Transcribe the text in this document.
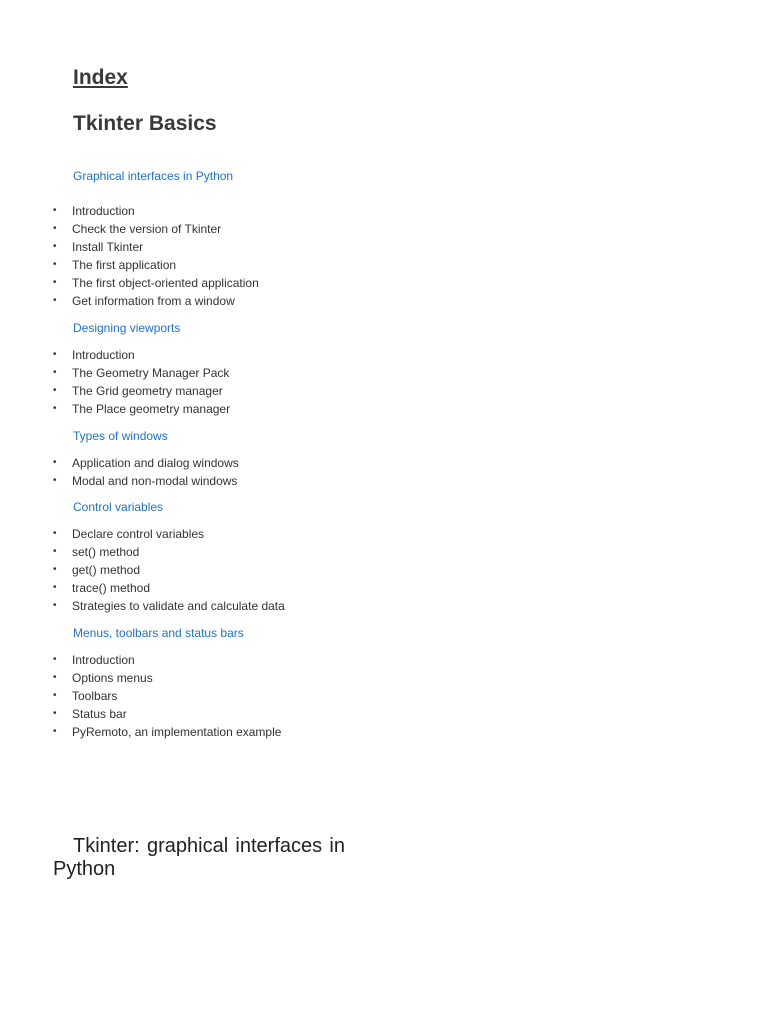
Index
Tkinter Basics
Graphical interfaces in Python
• Introduction
• Check the version of Tkinter
• Install Tkinter
• The first application
• The first object-oriented application
• Get information from a window
Designing viewports
• Introduction
• The Geometry Manager Pack
• The Grid geometry manager
• The Place geometry manager
Types of windows
• Application and dialog windows
• Modal and non-modal windows
Control variables
• Declare control variables
• set() method
• get() method
• trace() method
• Strategies to validate and calculate data
Menus, toolbars and status bars
• Introduction
• Options menus
• Toolbars
• Status bar
• PyRemoto, an implementation example
Tkinter: graphical interfaces in Python
